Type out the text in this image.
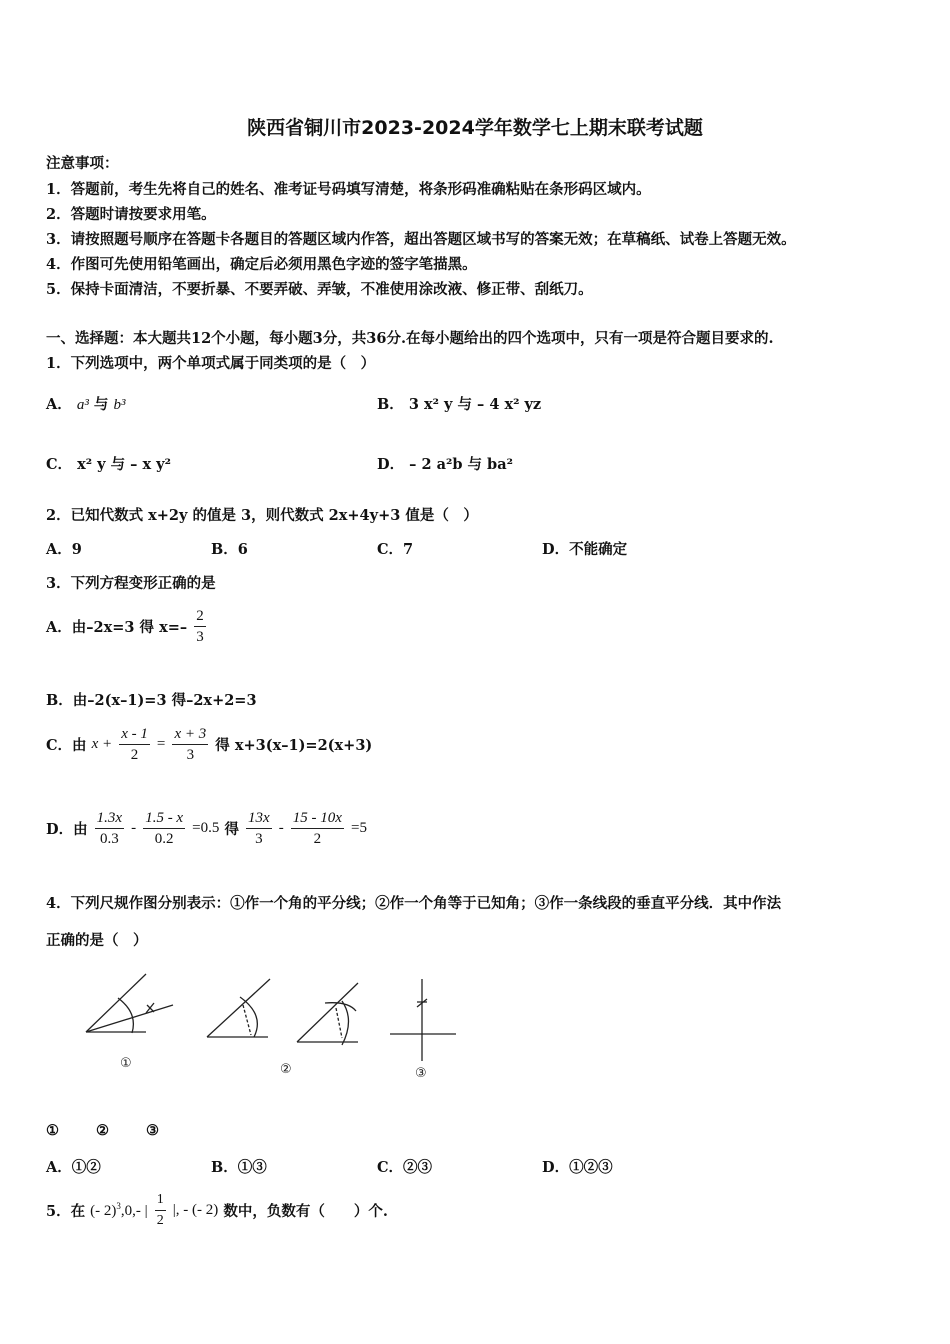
陕西省铜川市2023-2024学年数学七上期末联考试题
注意事项：
1．答题前，考生先将自己的姓名、准考证号码填写清楚，将条形码准确粘贴在条形码区域内。
2．答题时请按要求用笔。
3．请按照题号顺序在答题卡各题目的答题区域内作答，超出答题区域书写的答案无效；在草稿纸、试卷上答题无效。
4．作图可先使用铅笔画出，确定后必须用黑色字迹的签字笔描黑。
5．保持卡面清洁，不要折暴、不要弄破、弄皱，不准使用涂改液、修正带、刮纸刀。
一、选择题：本大题共12个小题，每小题3分，共36分.在每小题给出的四个选项中，只有一项是符合题目要求的.
1．下列选项中，两个单项式属于同类项的是（　）
A． a³ 与 b³	B． 3 x² y 与 – 4 x² yz
C． x² y 与 – x y²	D． – 2 a²b 与 ba²
2．已知代数式 x+2y 的值是 3，则代数式 2x+4y+3 值是（　）
A．9	B．6	C．7	D．不能确定
3．下列方程变形正确的是
A．由–2x=3 得 $x=- \frac{2}{3}$
B．由–2(x–1)=3 得–2x+2=3
C．由 $x + \frac{x - 1}{2} = \frac{x + 3}{3}$ 得 x+3(x–1)=2(x+3)
D．由 $\frac{1.3x}{0.3} - \frac{1.5 - x}{0.2} =0.5$ 得 $\frac{13x}{3} - \frac{15 - 10x}{2} =5$
4．下列尺规作图分别表示：①作一个角的平分线；②作一个角等于已知角；③作一条线段的垂直平分线．其中作法
正确的是（　）
①	②	③
①	②	③
A．①②	B．①③	C．②③	D．①②③
5．在 (- 2)$^3$,0,- | $\frac{1}{2}$ |, - (- 2) 数中，负数有（　　）个.
